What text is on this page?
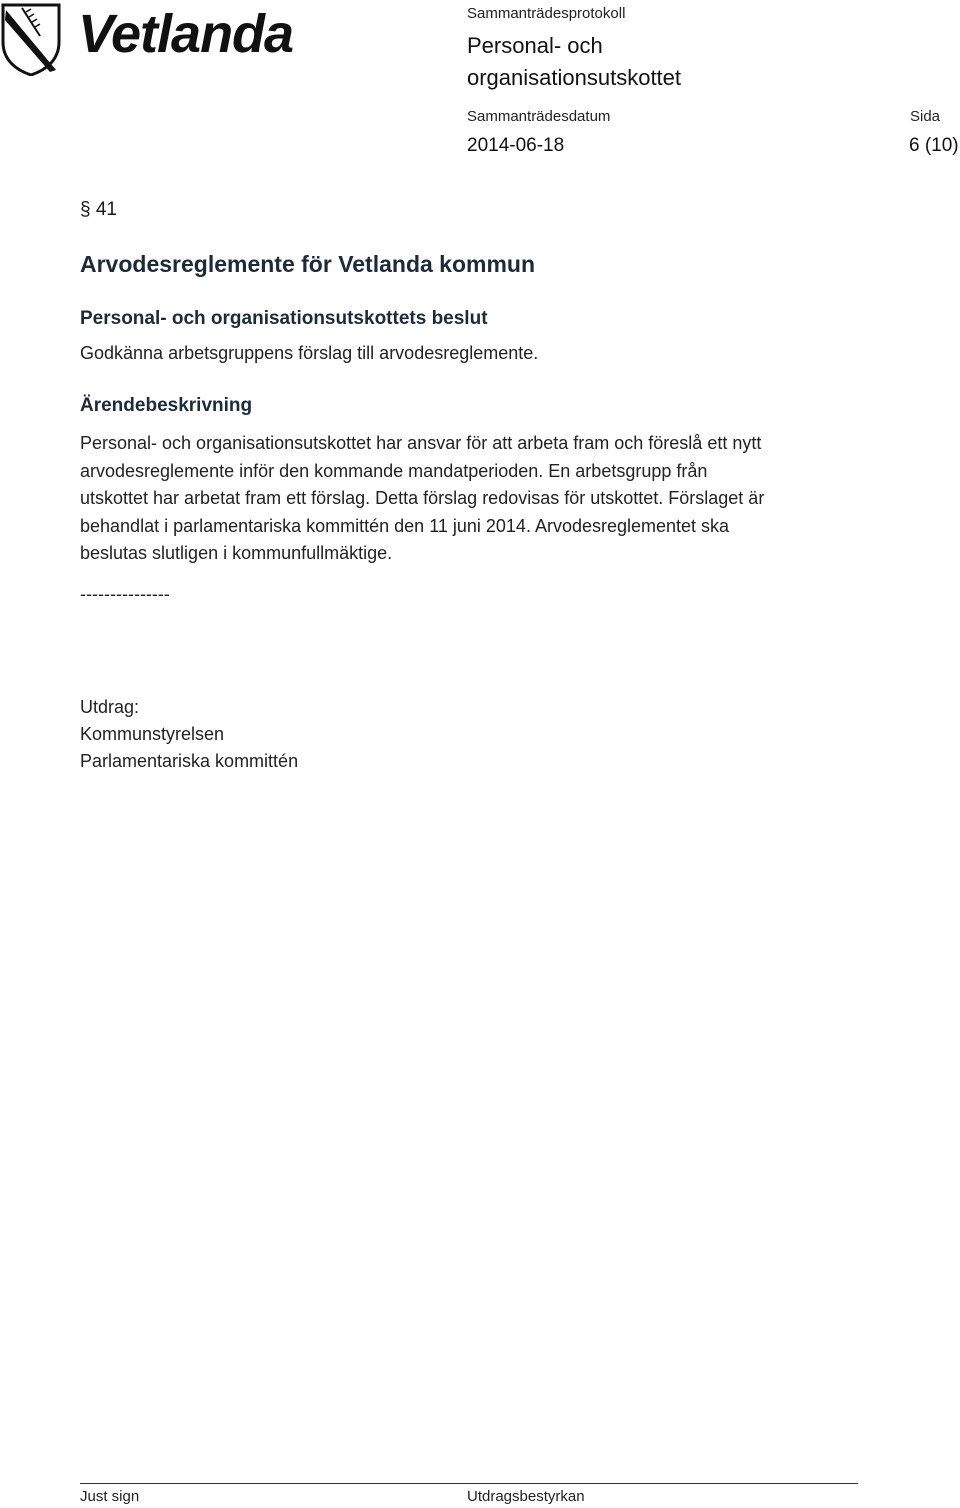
Vetlanda	Sammanträdesprotokoll
Personal- och
organisationsutskottet
Sammanträdesdatum
2014-06-18
Sida
6 (10)
§ 41
Arvodesreglemente för Vetlanda kommun
Personal- och organisationsutskottets beslut
Godkänna arbetsgruppens förslag till arvodesreglemente.
Ärendebeskrivning
Personal- och organisationsutskottet har ansvar för att arbeta fram och föreslå ett nytt
arvodesreglemente inför den kommande mandatperioden. En arbetsgrupp från
utskottet har arbetat fram ett förslag. Detta förslag redovisas för utskottet. Förslaget är
behandlat i parlamentariska kommittén den 11 juni 2014. Arvodesreglementet ska
beslutas slutligen i kommunfullmäktige.
---------------
Utdrag:
Kommunstyrelsen
Parlamentariska kommittén
Just sign	Utdragsbestyrkan
